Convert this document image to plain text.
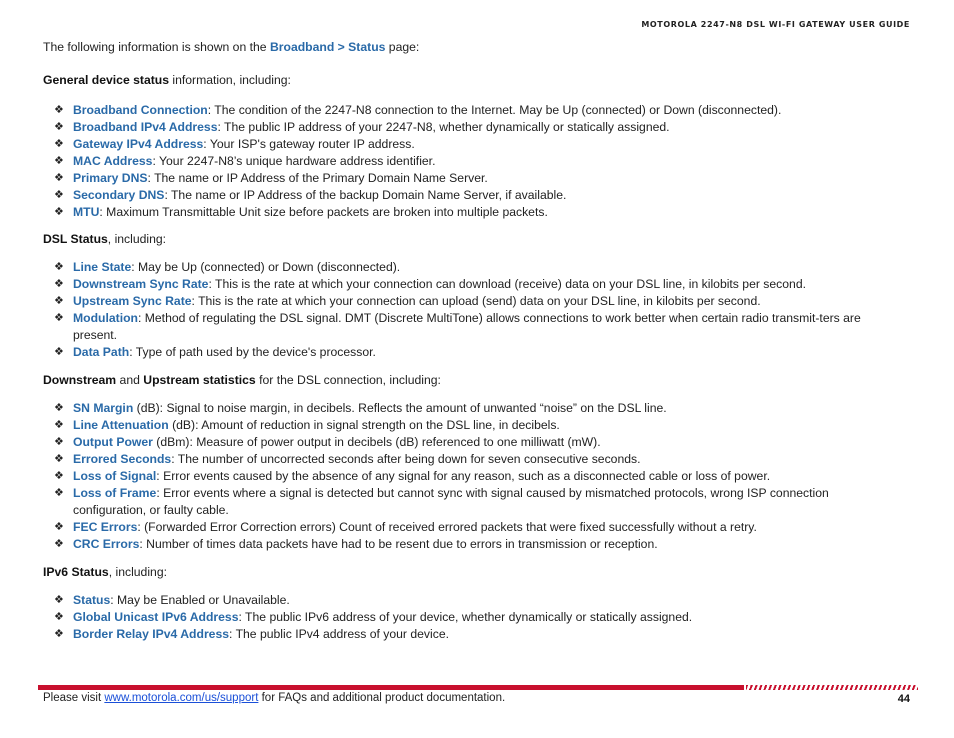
MOTOROLA 2247-N8 DSL WI-FI GATEWAY USER GUIDE

The following information is shown on the Broadband > Status page:

General device status information, including:

❖ Broadband Connection: The condition of the 2247-N8 connection to the Internet. May be Up (connected) or Down (disconnected).
❖ Broadband IPv4 Address: The public IP address of your 2247-N8, whether dynamically or statically assigned.
❖ Gateway IPv4 Address: Your ISP's gateway router IP address.
❖ MAC Address: Your 2247-N8’s unique hardware address identifier.
❖ Primary DNS: The name or IP Address of the Primary Domain Name Server.
❖ Secondary DNS: The name or IP Address of the backup Domain Name Server, if available.
❖ MTU: Maximum Transmittable Unit size before packets are broken into multiple packets.

DSL Status, including:

❖ Line State: May be Up (connected) or Down (disconnected).
❖ Downstream Sync Rate: This is the rate at which your connection can download (receive) data on your DSL line, in kilobits per second.
❖ Upstream Sync Rate: This is the rate at which your connection can upload (send) data on your DSL line, in kilobits per second.
❖ Modulation: Method of regulating the DSL signal. DMT (Discrete MultiTone) allows connections to work better when certain radio transmit-ters are present.
❖ Data Path: Type of path used by the device's processor.

Downstream and Upstream statistics for the DSL connection, including:

❖ SN Margin (dB): Signal to noise margin, in decibels. Reflects the amount of unwanted “noise” on the DSL line.
❖ Line Attenuation (dB): Amount of reduction in signal strength on the DSL line, in decibels.
❖ Output Power (dBm): Measure of power output in decibels (dB) referenced to one milliwatt (mW).
❖ Errored Seconds: The number of uncorrected seconds after being down for seven consecutive seconds.
❖ Loss of Signal: Error events caused by the absence of any signal for any reason, such as a disconnected cable or loss of power.
❖ Loss of Frame: Error events where a signal is detected but cannot sync with signal caused by mismatched protocols, wrong ISP connection configuration, or faulty cable.
❖ FEC Errors: (Forwarded Error Correction errors) Count of received errored packets that were fixed successfully without a retry.
❖ CRC Errors: Number of times data packets have had to be resent due to errors in transmission or reception.

IPv6 Status, including:

❖ Status: May be Enabled or Unavailable.
❖ Global Unicast IPv6 Address: The public IPv6 address of your device, whether dynamically or statically assigned.
❖ Border Relay IPv4 Address: The public IPv4 address of your device.
Please visit www.motorola.com/us/support for FAQs and additional product documentation.	44
